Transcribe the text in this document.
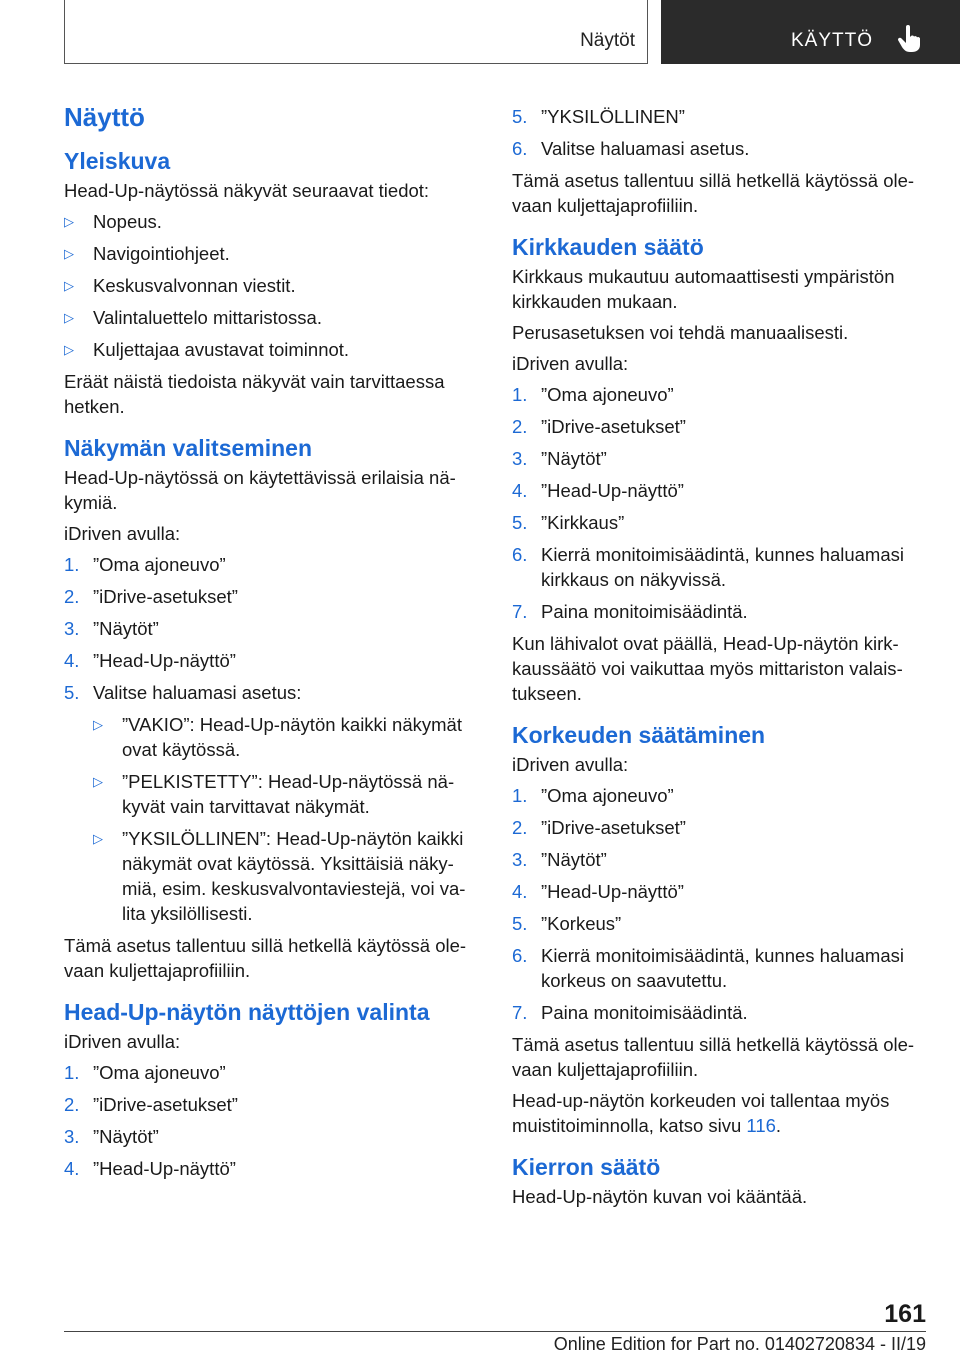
Näytöt	KÄYTTÖ
Näyttö
Yleiskuva

Head-Up-näytössä näkyvät seuraavat tiedot:

▷ Nopeus.
▷ Navigointiohjeet.
▷ Keskusvalvonnan viestit.
▷ Valintaluettelo mittaristossa.
▷ Kuljettajaa avustavat toiminnot.

Eräät näistä tiedoista näkyvät vain tarvittaessa hetken.

Näkymän valitseminen

Head-Up-näytössä on käytettävissä erilaisia näkymiä.

iDriven avulla:

1. ”Oma ajoneuvo”
2. ”iDrive-asetukset”
3. ”Näytöt”
4. ”Head-Up-näyttö”
5. Valitse haluamasi asetus:
▷ ”VAKIO”: Head-Up-näytön kaikki näkymät ovat käytössä.
▷ ”PELKISTETTY”: Head-Up-näytössä näkyvät vain tarvittavat näkymät.
▷ ”YKSILÖLLINEN”: Head-Up-näytön kaikki näkymät ovat käytössä. Yksittäisiä näkymiä, esim. keskusvalvontaviestejä, voi valita yksilöllisesti.

Tämä asetus tallentuu sillä hetkellä käytössä olevaan kuljettajaprofiiliin.

Head-Up-näytön näyttöjen valinta

iDriven avulla:

1. ”Oma ajoneuvo”
2. ”iDrive-asetukset”
3. ”Näytöt”
4. ”Head-Up-näyttö”
5. ”YKSILÖLLINEN”
6. Valitse haluamasi asetus.

Tämä asetus tallentuu sillä hetkellä käytössä olevaan kuljettajaprofiiliin.

Kirkkauden säätö

Kirkkaus mukautuu automaattisesti ympäristön kirkkauden mukaan.

Perusasetuksen voi tehdä manuaalisesti.

iDriven avulla:

1. ”Oma ajoneuvo”
2. ”iDrive-asetukset”
3. ”Näytöt”
4. ”Head-Up-näyttö”
5. ”Kirkkaus”
6. Kierrä monitoimisäädintä, kunnes haluamasi kirkkaus on näkyvissä.
7. Paina monitoimisäädintä.

Kun lähivalot ovat päällä, Head-Up-näytön kirkkaussäätö voi vaikuttaa myös mittariston valaistukseen.

Korkeuden säätäminen

iDriven avulla:

1. ”Oma ajoneuvo”
2. ”iDrive-asetukset”
3. ”Näytöt”
4. ”Head-Up-näyttö”
5. ”Korkeus”
6. Kierrä monitoimisäädintä, kunnes haluamasi korkeus on saavutettu.
7. Paina monitoimisäädintä.

Tämä asetus tallentuu sillä hetkellä käytössä olevaan kuljettajaprofiiliin.

Head-up-näytön korkeuden voi tallentaa myös muistitoiminnolla, katso sivu 116.

Kierron säätö

Head-Up-näytön kuvan voi kääntää.

161
Online Edition for Part no. 01402720834 - II/19
